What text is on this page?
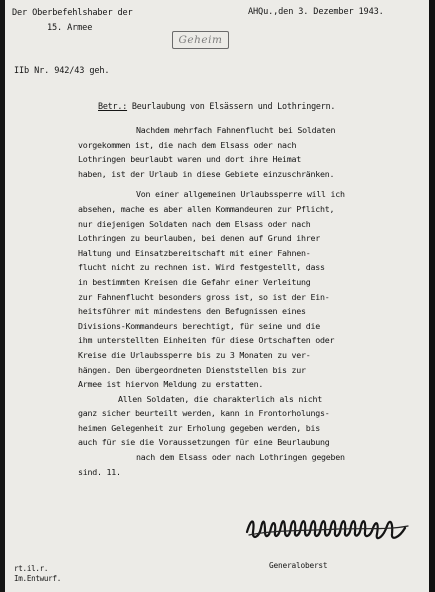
Der Oberbefehlshaber der

15. Armee

AHQu.,den 3. Dezember 1943.

Geheim

IIb Nr. 942/43 geh.

Betr.: Beurlaubung von Elsässern und Lothringern.

Nachdem mehrfach Fahnenflucht bei Soldaten
vorgekommen ist, die nach dem Elsass oder nach
Lothringen beurlaubt waren und dort ihre Heimat
haben, ist der Urlaub in diese Gebiete einzuschränken.
Von einer allgemeinen Urlaubssperre will ich
absehen, mache es aber allen Kommandeuren zur Pflicht,
nur diejenigen Soldaten nach dem Elsass oder nach
Lothringen zu beurlauben, bei denen auf Grund ihrer
Haltung und Einsatzbereitschaft mit einer Fahnen-
flucht nicht zu rechnen ist. Wird festgestellt, dass
in bestimmten Kreisen die Gefahr einer Verleitung
zur Fahnenflucht besonders gross ist, so ist der Ein-
heitsführer mit mindestens den Befugnissen eines
Divisions-Kommandeurs berechtigt, für seine und die
ihm unterstellten Einheiten für diese Ortschaften oder
Kreise die Urlaubssperre bis zu 3 Monaten zu ver-
hängen. Den übergeordneten Dienststellen bis zur
Armee ist hiervon Meldung zu erstatten.
Allen Soldaten, die charakterlich als nicht
ganz sicher beurteilt werden, kann in Frontorholungs-
heimen Gelegenheit zur Erholung gegeben werden, bis
auch für sie die Voraussetzungen für eine Beurlaubung
nach dem Elsass oder nach Lothringen gegeben
sind. 11.

Generaloberst

rt.il.r.

Im.Entwurf.
